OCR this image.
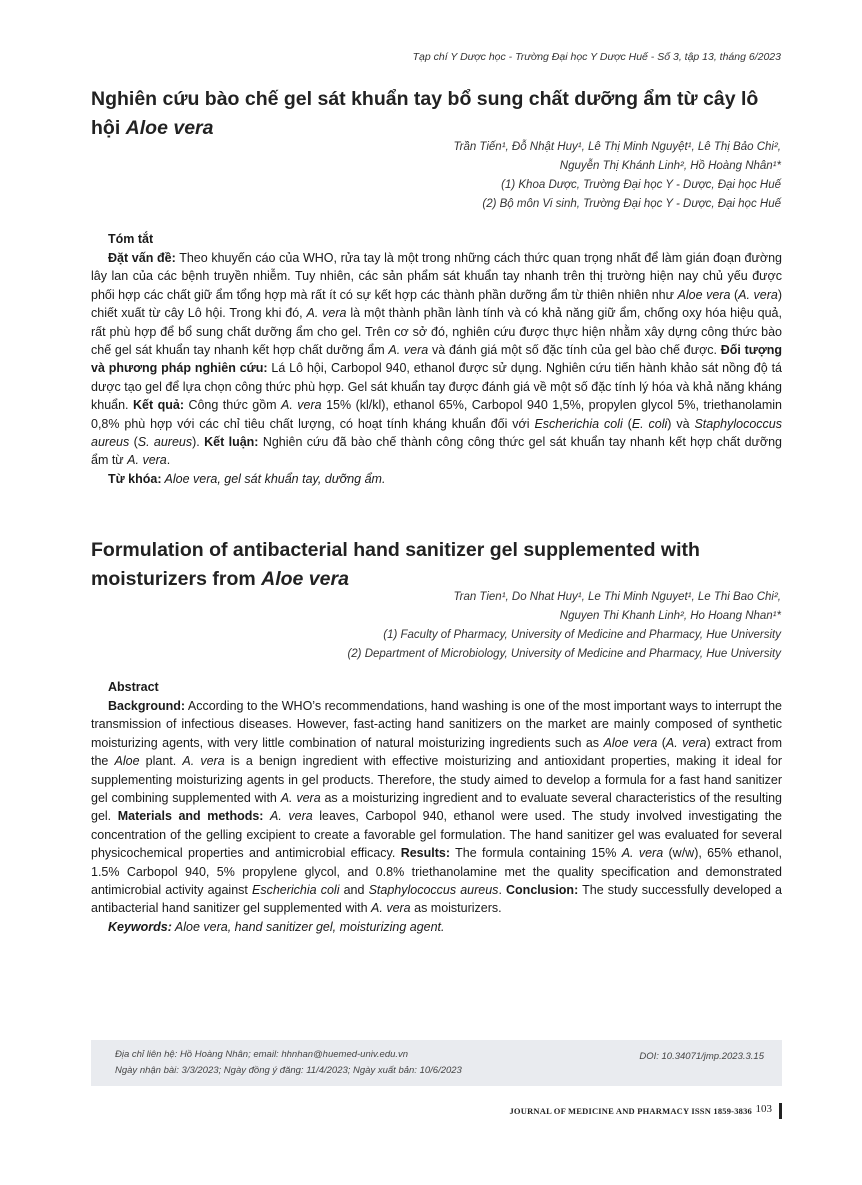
Tạp chí Y Dược học - Trường Đại học Y Dược Huế - Số 3, tập 13, tháng 6/2023
Nghiên cứu bào chế gel sát khuẩn tay bổ sung chất dưỡng ẩm từ cây lô hội Aloe vera
Trần Tiến¹, Đỗ Nhật Huy¹, Lê Thị Minh Nguyệt¹, Lê Thị Bảo Chi²,
Nguyễn Thị Khánh Linh², Hồ Hoàng Nhân¹*
(1) Khoa Dược, Trường Đại học Y - Dược, Đại học Huế
(2) Bộ môn Vi sinh, Trường Đại học Y - Dược, Đại học Huế

Tóm tắt

Đặt vấn đề: Theo khuyến cáo của WHO, rửa tay là một trong những cách thức quan trọng nhất để làm gián đoạn đường lây lan của các bệnh truyền nhiễm. Tuy nhiên, các sản phẩm sát khuẩn tay nhanh trên thị trường hiện nay chủ yếu được phối hợp các chất giữ ẩm tổng hợp mà rất ít có sự kết hợp các thành phần dưỡng ẩm từ thiên nhiên như Aloe vera (A. vera) chiết xuất từ cây Lô hội. Trong khi đó, A. vera là một thành phần lành tính và có khả năng giữ ẩm, chống oxy hóa hiệu quả, rất phù hợp để bổ sung chất dưỡng ẩm cho gel. Trên cơ sở đó, nghiên cứu được thực hiện nhằm xây dựng công thức bào chế gel sát khuẩn tay nhanh kết hợp chất dưỡng ẩm A. vera và đánh giá một số đặc tính của gel bào chế được. Đối tượng và phương pháp nghiên cứu: Lá Lô hội, Carbopol 940, ethanol được sử dụng. Nghiên cứu tiến hành khảo sát nồng độ tá dược tạo gel để lựa chọn công thức phù hợp. Gel sát khuẩn tay được đánh giá về một số đặc tính lý hóa và khả năng kháng khuẩn. Kết quả: Công thức gồm A. vera 15% (kl/kl), ethanol 65%, Carbopol 940 1,5%, propylen glycol 5%, triethanolamin 0,8% phù hợp với các chỉ tiêu chất lượng, có hoạt tính kháng khuẩn đối với Escherichia coli (E. coli) và Staphylococcus aureus (S. aureus). Kết luận: Nghiên cứu đã bào chế thành công công thức gel sát khuẩn tay nhanh kết hợp chất dưỡng ẩm từ A. vera.
Từ khóa: Aloe vera, gel sát khuẩn tay, dưỡng ẩm.

Formulation of antibacterial hand sanitizer gel supplemented with moisturizers from Aloe vera
Tran Tien¹, Do Nhat Huy¹, Le Thi Minh Nguyet¹, Le Thi Bao Chi²,
Nguyen Thi Khanh Linh², Ho Hoang Nhan¹*
(1) Faculty of Pharmacy, University of Medicine and Pharmacy, Hue University
(2) Department of Microbiology, University of Medicine and Pharmacy, Hue University

Abstract

Background: According to the WHO’s recommendations, hand washing is one of the most important ways to interrupt the transmission of infectious diseases. However, fast-acting hand sanitizers on the market are mainly composed of synthetic moisturizing agents, with very little combination of natural moisturizing ingredients such as Aloe vera (A. vera) extract from the Aloe plant. A. vera is a benign ingredient with effective moisturizing and antioxidant properties, making it ideal for supplementing moisturizing agents in gel products. Therefore, the study aimed to develop a formula for a fast hand sanitizer gel combining supplemented with A. vera as a moisturizing ingredient and to evaluate several characteristics of the resulting gel. Materials and methods: A. vera leaves, Carbopol 940, ethanol were used. The study involved investigating the concentration of the gelling excipient to create a favorable gel formulation. The hand sanitizer gel was evaluated for several physicochemical properties and antimicrobial efficacy. Results: The formula containing 15% A. vera (w/w), 65% ethanol, 1.5% Carbopol 940, 5% propylene glycol, and 0.8% triethanolamine met the quality specification and demonstrated antimicrobial activity against Escherichia coli and Staphylococcus aureus. Conclusion: The study successfully developed a antibacterial hand sanitizer gel supplemented with A. vera as moisturizers.
Keywords: Aloe vera, hand sanitizer gel, moisturizing agent.

Địa chỉ liên hệ: Hồ Hoàng Nhân; email: hhnhan@huemed-univ.edu.vn
Ngày nhận bài: 3/3/2023; Ngày đồng ý đăng: 11/4/2023; Ngày xuất bản: 10/6/2023
DOI: 10.34071/jmp.2023.3.15
JOURNAL OF MEDICINE AND PHARMACY ISSN 1859-3836 103
